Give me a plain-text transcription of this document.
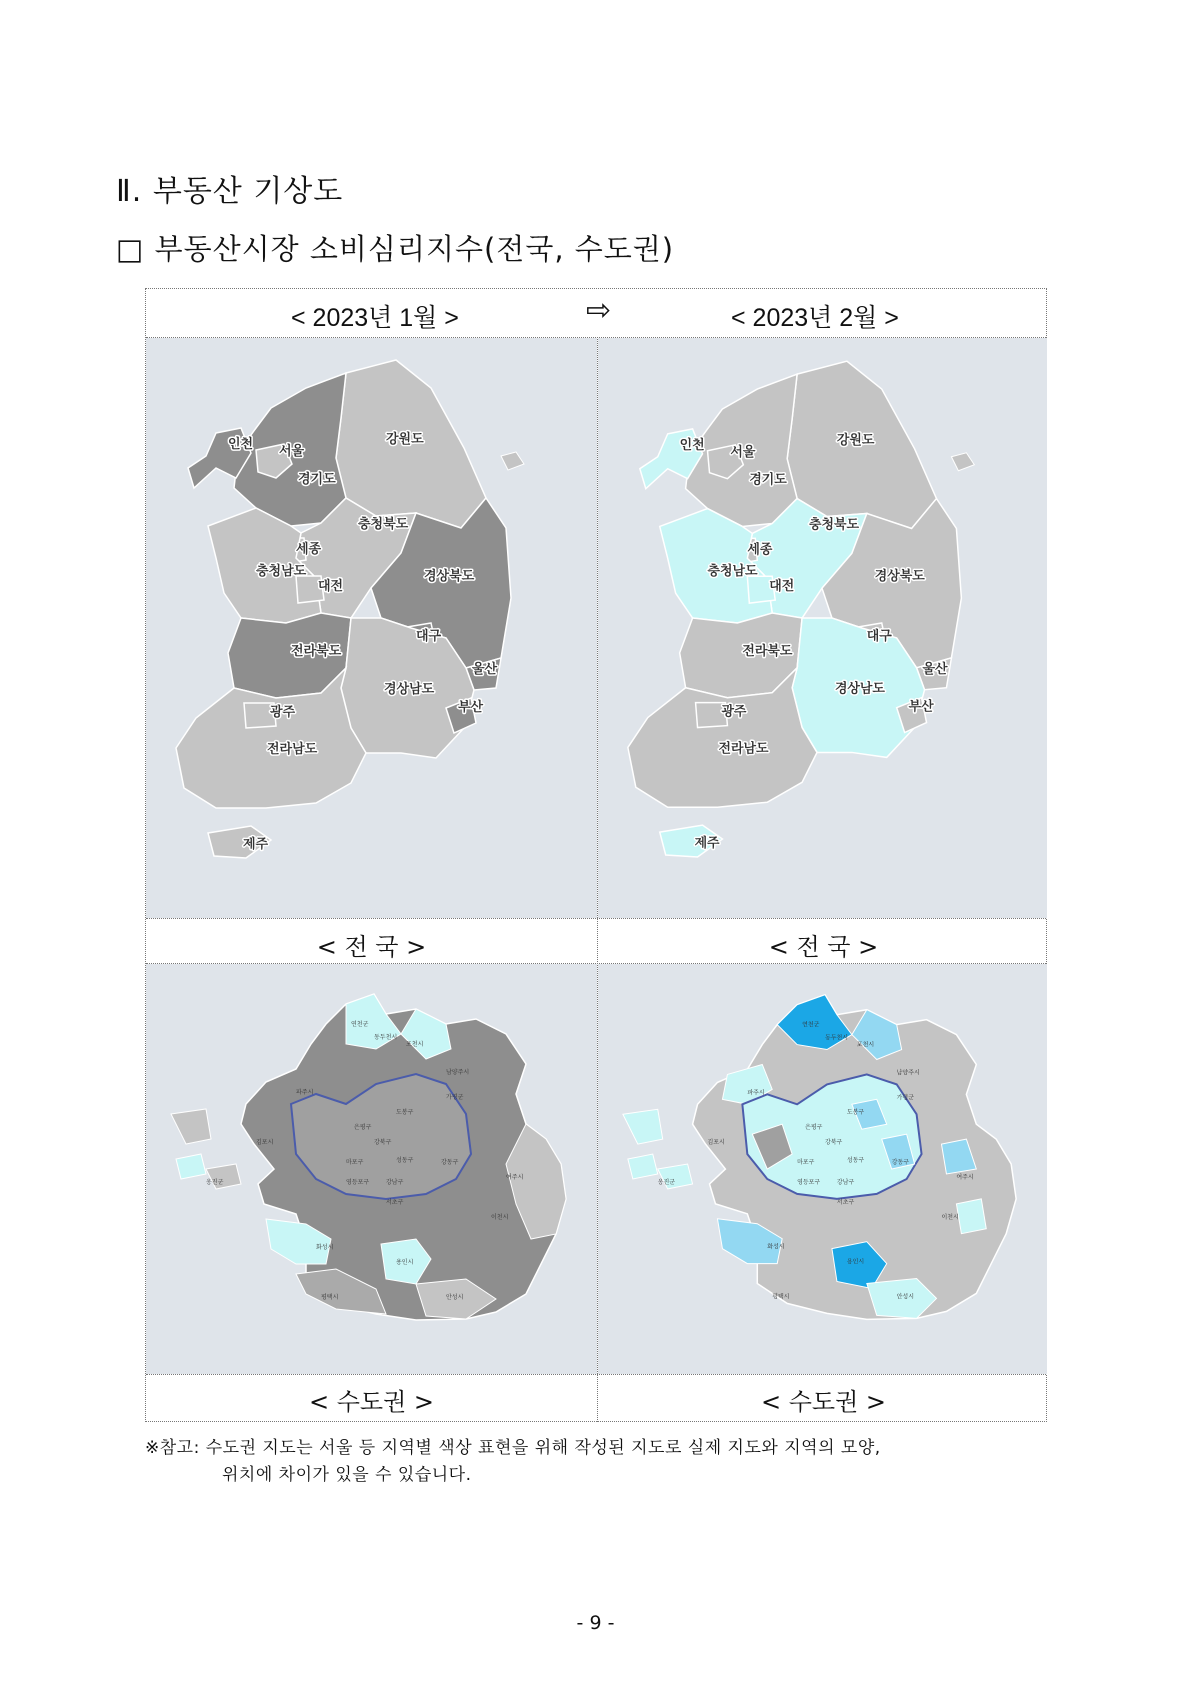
Ⅱ. 부동산 기상도
□ 부동산시장 소비심리지수(전국, 수도권)
< 2023년 1월 >	⇨	< 2023년 2월 >
강원도
경기도
인천 서울
충청북도
세종
충청남도
대전
경상북도
대구
전라북도
울산
경상남도
부산
전라남도
광주
제주
강원도
경기도
인천 서울
충청북도
세종
충청남도
대전
경상북도
대구
전라북도
울산
경상남도
부산
전라남도
광주
제주
< 전 국 >	< 전 국 >
연천군
동두천시
포천시
파주시
남양주시
가평군
도봉구
강북구
은평구
마포구	성동구	강동구
강남구
영등포구
서초구
화성시
용인시
평택시	안성시
이천시
여주시
김포시
옹진군
연천군
동두천시
포천시
파주시
남양주시
가평군
도봉구
강북구
은평구
마포구	성동구	강동구
강남구
영등포구
서초구
화성시
용인시
평택시	안성시
이천시
여주시
김포시
옹진군
< 수도권 >	< 수도권 >
※참고: 수도권 지도는 서울 등 지역별 색상 표현을 위해 작성된 지도로 실제 지도와 지역의 모양,
위치에 차이가 있을 수 있습니다.
- 9 -
